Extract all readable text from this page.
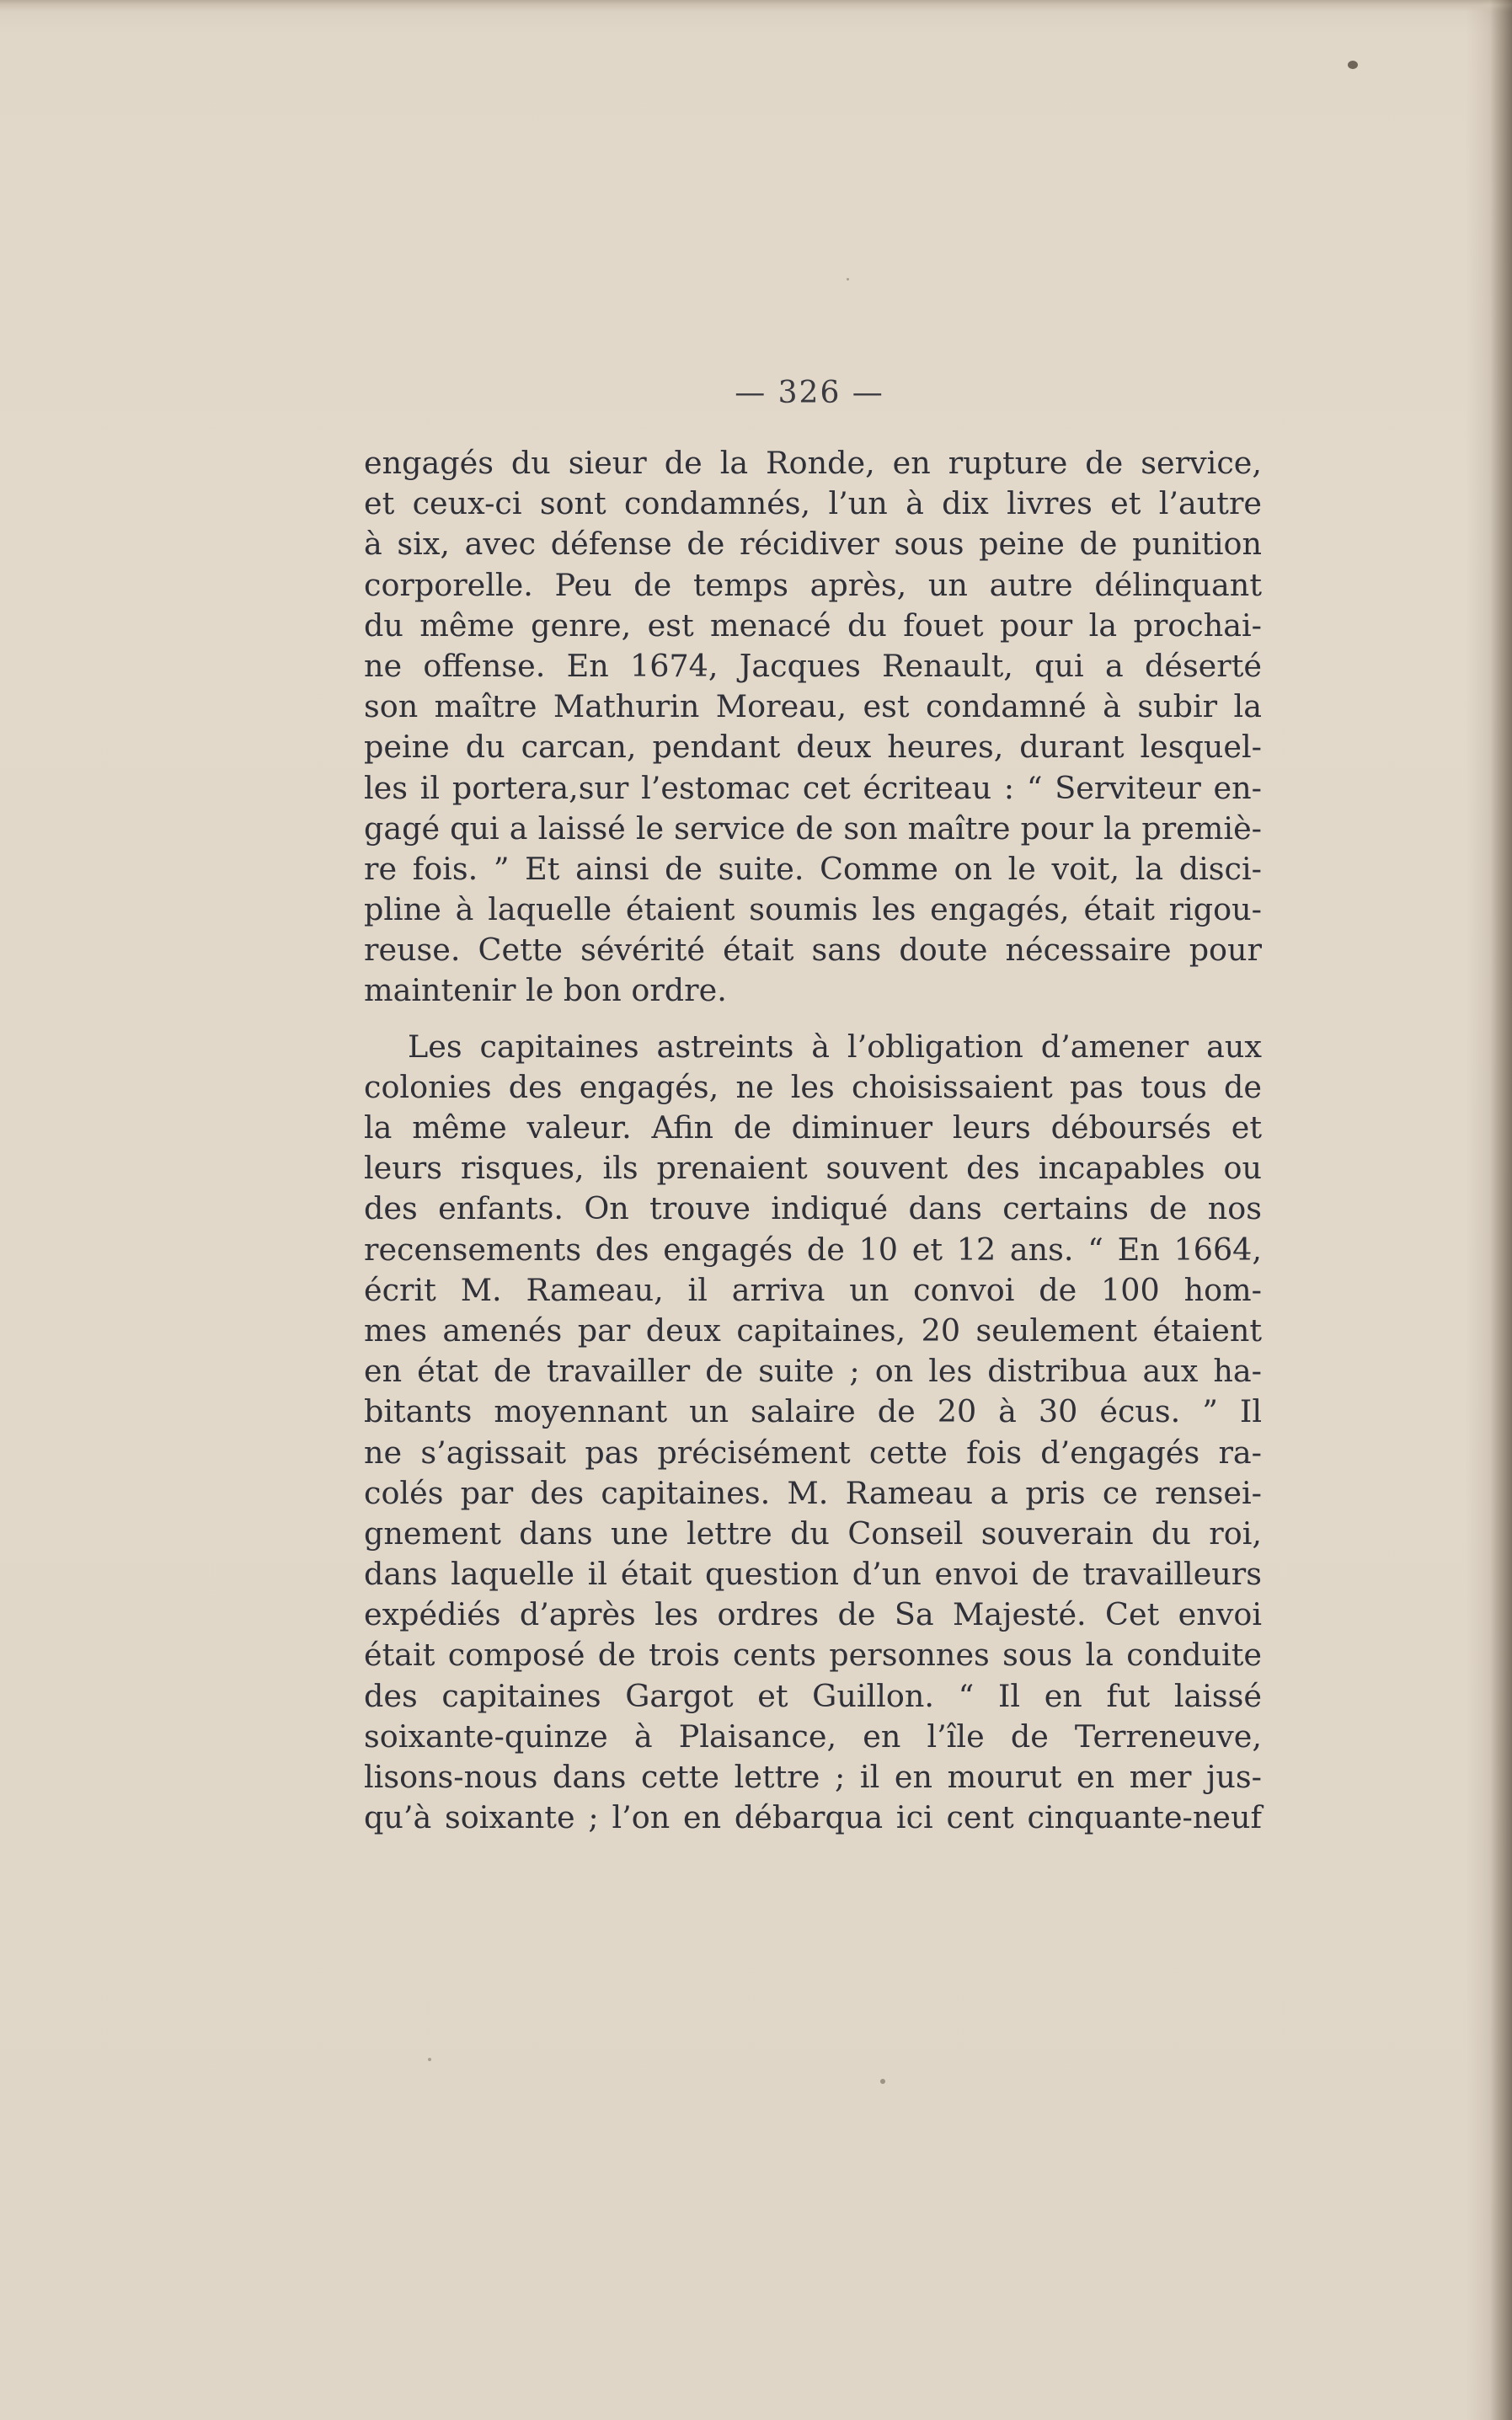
— 326 —
engagés du sieur de la Ronde, en rupture de service,
et ceux-ci sont condamnés, l’un à dix livres et l’autre
à six, avec défense de récidiver sous peine de punition
corporelle. Peu de temps après, un autre délinquant
du même genre, est menacé du fouet pour la prochai-
ne offense. En 1674, Jacques Renault, qui a déserté
son maître Mathurin Moreau, est condamné à subir la
peine du carcan, pendant deux heures, durant lesquel-
les il portera,sur l’estomac cet écriteau : “ Serviteur en-
gagé qui a laissé le service de son maître pour la premiè-
re fois. ” Et ainsi de suite. Comme on le voit, la disci-
pline à laquelle étaient soumis les engagés, était rigou-
reuse. Cette sévérité était sans doute nécessaire pour
maintenir le bon ordre.
Les capitaines astreints à l’obligation d’amener aux
colonies des engagés, ne les choisissaient pas tous de
la même valeur. Afin de diminuer leurs déboursés et
leurs risques, ils prenaient souvent des incapables ou
des enfants. On trouve indiqué dans certains de nos
recensements des engagés de 10 et 12 ans. “ En 1664,
écrit M. Rameau, il arriva un convoi de 100 hom-
mes amenés par deux capitaines, 20 seulement étaient
en état de travailler de suite ; on les distribua aux ha-
bitants moyennant un salaire de 20 à 30 écus. ” Il
ne s’agissait pas précisément cette fois d’engagés ra-
colés par des capitaines. M. Rameau a pris ce rensei-
gnement dans une lettre du Conseil souverain du roi,
dans laquelle il était question d’un envoi de travailleurs
expédiés d’après les ordres de Sa Majesté. Cet envoi
était composé de trois cents personnes sous la conduite
des capitaines Gargot et Guillon. “ Il en fut laissé
soixante-quinze à Plaisance, en l’île de Terreneuve,
lisons-nous dans cette lettre ; il en mourut en mer jus-
qu’à soixante ; l’on en débarqua ici cent cinquante-neuf
